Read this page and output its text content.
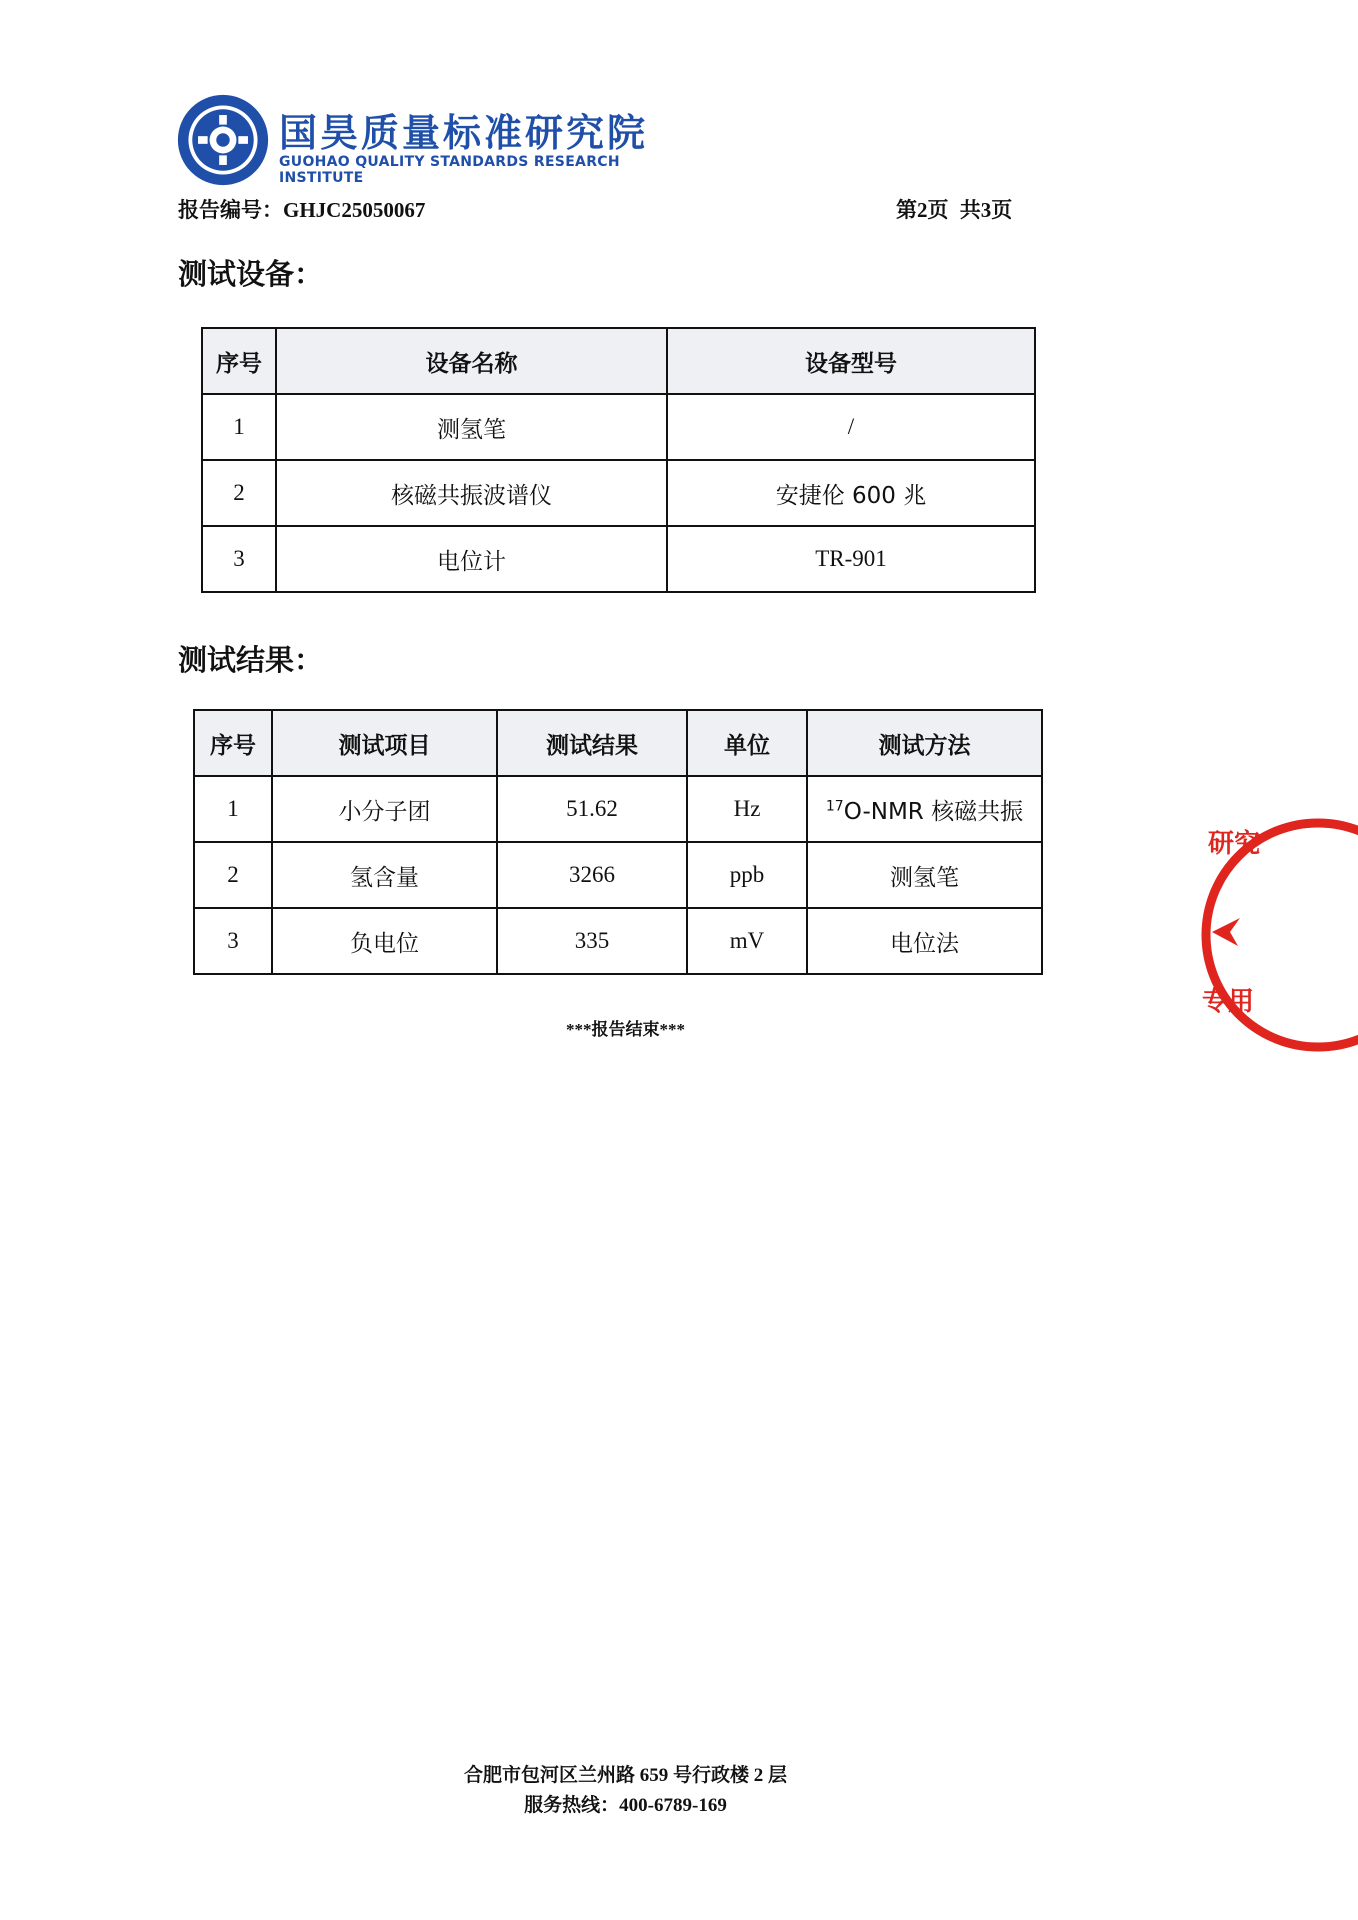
国昊质量标准研究院
GUOHAO QUALITY STANDARDS RESEARCH INSTITUTE
报告编号：GHJC25050067	第2页 共3页
测试设备：
序号	设备名称	设备型号
1	测氢笔	/
2	核磁共振波谱仪	安捷伦 600 兆
3	电位计	TR-901
测试结果：
序号	测试项目	测试结果	单位	测试方法
1	小分子团	51.62	Hz	$^{17}$O-NMR 核磁共振
2	氢含量	3266	ppb	测氢笔
3	负电位	335	mV	电位法
***报告结束***
研究
专用
合肥市包河区兰州路 659 号行政楼 2 层
服务热线：400-6789-169
